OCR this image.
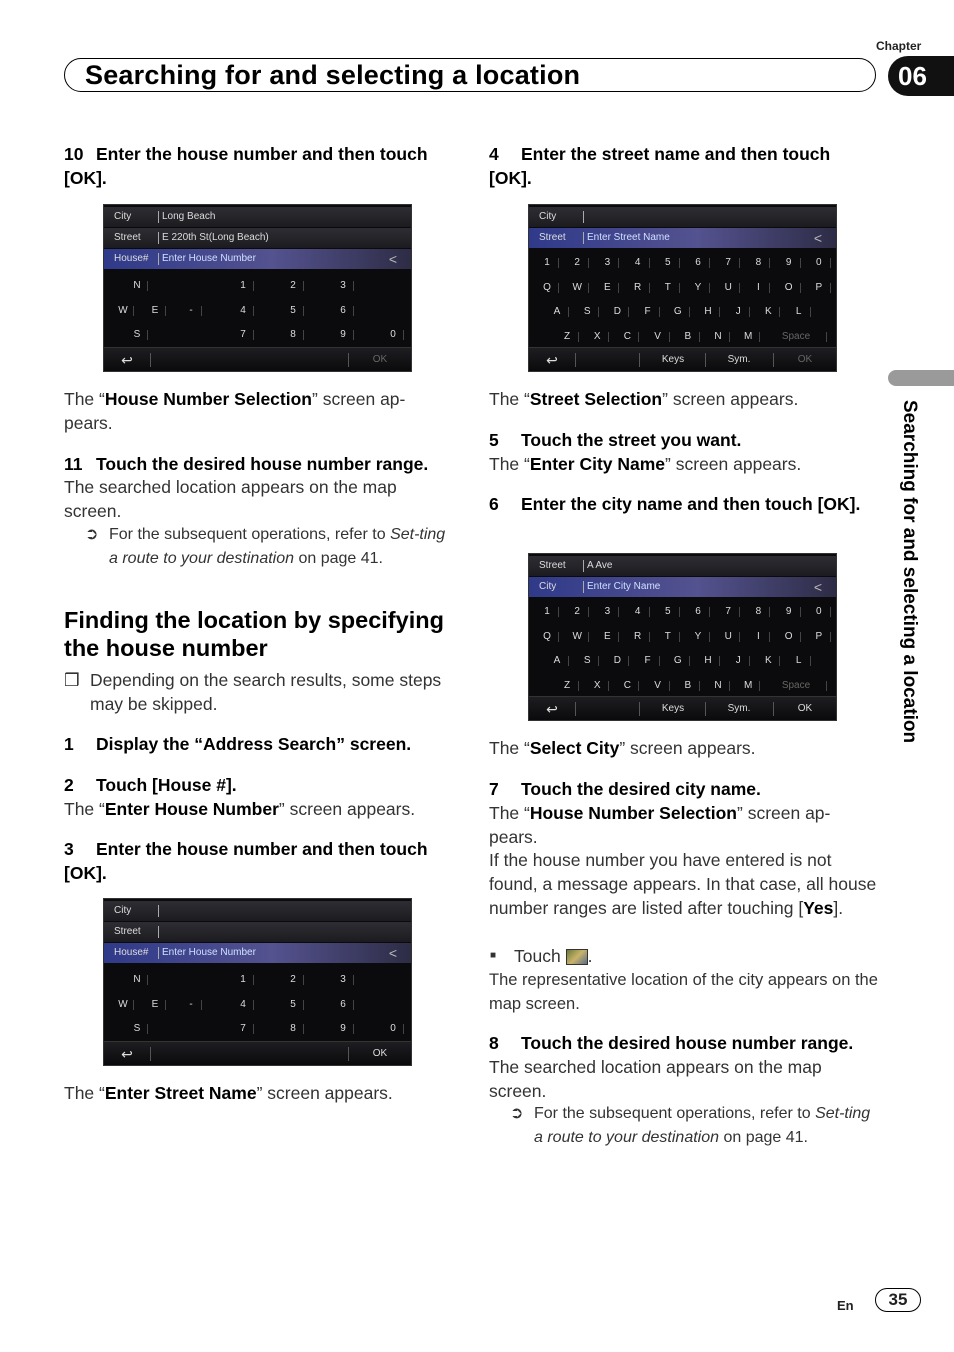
Chapter
Searching for and selecting a location	06
Searching for and selecting a location
10 Enter the house number and then touch [OK].
City	Long Beach
Street	E 220th St(Long Beach)
House#	Enter House Number	<
↩	OK
N	1	2	3
W	E	-	4	5	6
S	7	8	9	0
The “House Number Selection” screen ap-pears.
11 Touch the desired house number range.
The searched location appears on the map screen.
➲ For the subsequent operations, refer to Set-ting a route to your destination on page 41.
Finding the location by specifying the house number
❒ Depending on the search results, some steps may be skipped.
1 Display the “Address Search” screen.
2 Touch [House #].
The “Enter House Number” screen appears.
3 Enter the house number and then touch [OK].
City
Street
House#	Enter House Number	<
↩	OK
N	1	2	3
W	E	-	4	5	6
S	7	8	9	0
The “Enter Street Name” screen appears.
4 Enter the street name and then touch [OK].
City
Street	Enter Street Name	<
↩	Keys	Sym.	OK
1	2	3	4	5	6	7	8	9	0
Q	W	E	R	T	Y	U	I	O	P
A	S	D	F	G	H	J	K	L
Z	X	C	V	B	N	M	Space
The “Street Selection” screen appears.
5 Touch the street you want.
The “Enter City Name” screen appears.
6 Enter the city name and then touch [OK].
Street	A Ave
City	Enter City Name	<
↩	Keys	Sym.	OK
1	2	3	4	5	6	7	8	9	0
Q	W	E	R	T	Y	U	I	O	P
A	S	D	F	G	H	J	K	L
Z	X	C	V	B	N	M	Space
The “Select City” screen appears.
7 Touch the desired city name.
The “House Number Selection” screen ap-pears.
If the house number you have entered is not found, a message appears. In that case, all house number ranges are listed after touching [Yes].
■ Touch .
The representative location of the city appears on the map screen.
8 Touch the desired house number range.
The searched location appears on the map screen.
➲ For the subsequent operations, refer to Set-ting a route to your destination on page 41.
En	35
